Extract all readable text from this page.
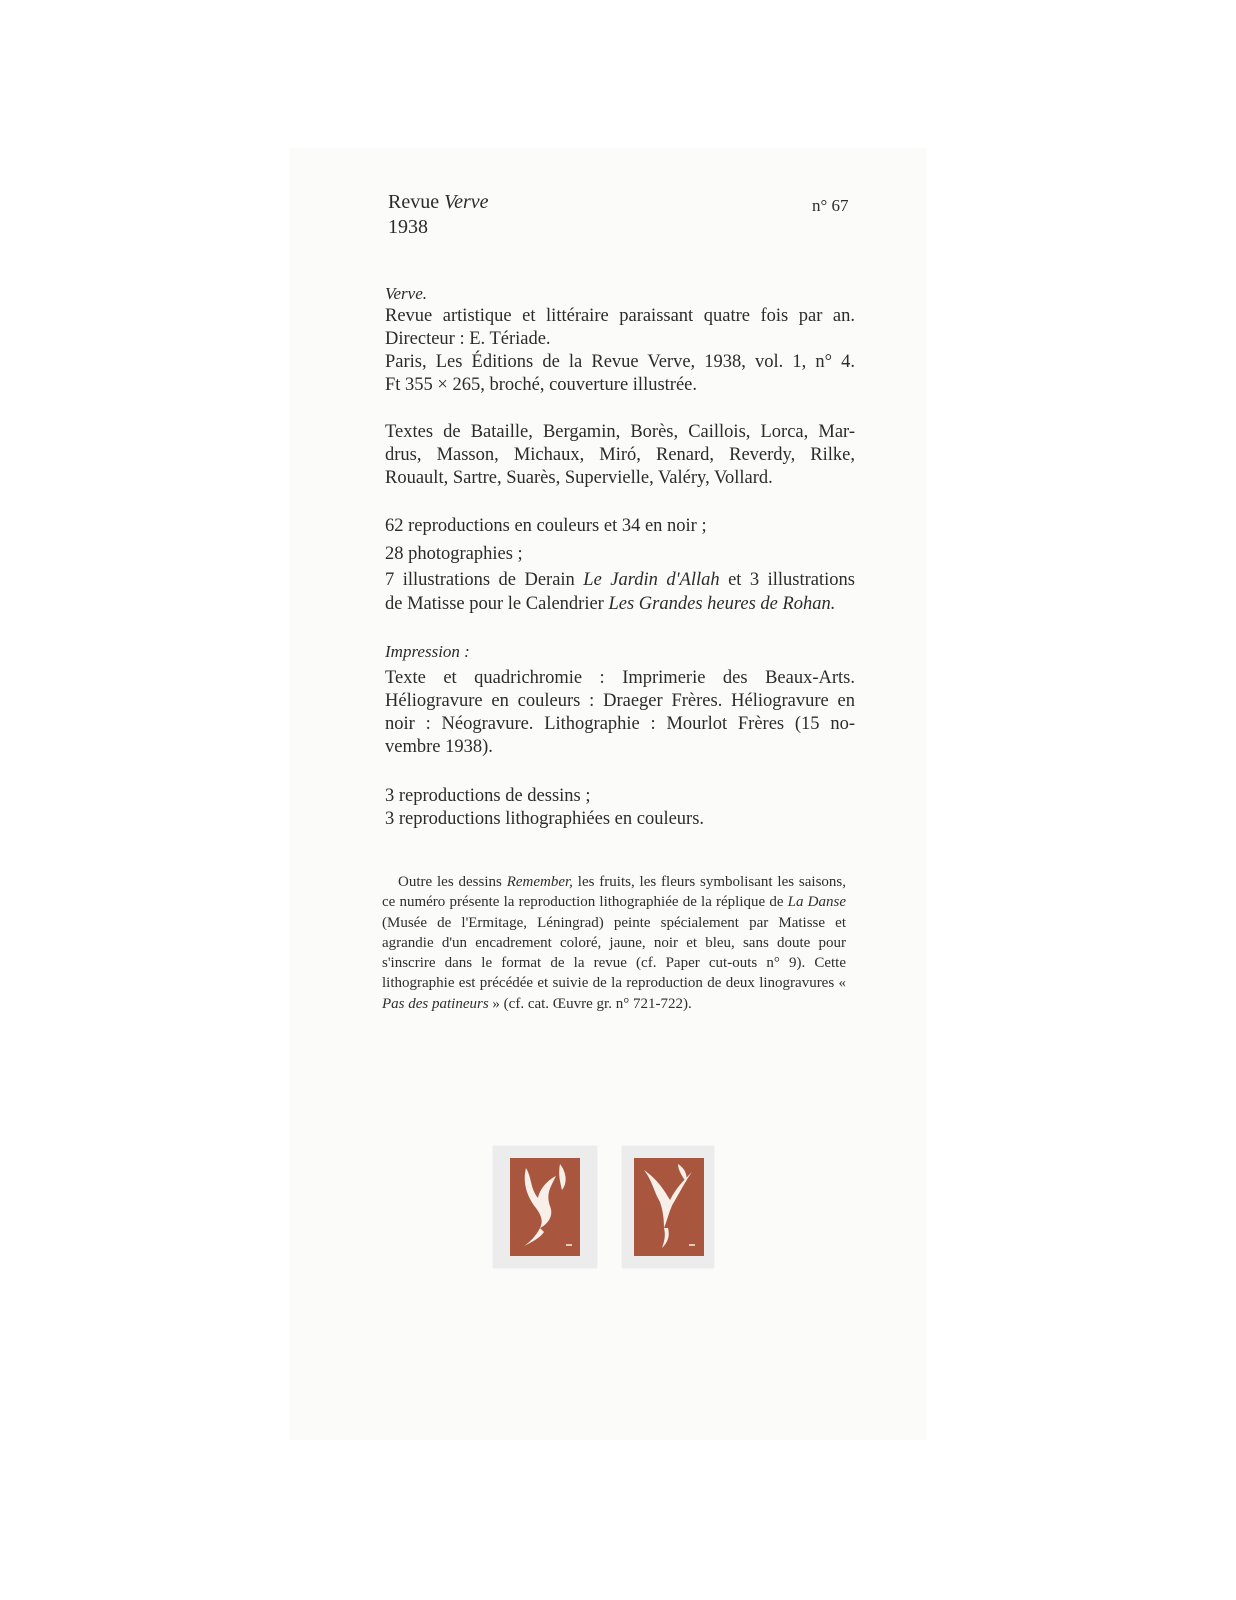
Revue Verve
1938
n° 67

Verve.

Revue artistique et littéraire paraissant quatre fois par an.

Directeur : E. Tériade.

Paris, Les Éditions de la Revue Verve, 1938, vol. 1, n° 4.

Ft 355 × 265, broché, couverture illustrée.

Textes de Bataille, Bergamin, Borès, Caillois, Lorca, Mar-

drus, Masson, Michaux, Miró, Renard, Reverdy, Rilke,

Rouault, Sartre, Suarès, Supervielle, Valéry, Vollard.

62 reproductions en couleurs et 34 en noir ;

28 photographies ;

7 illustrations de Derain Le Jardin d'Allah et 3 illustrations

de Matisse pour le Calendrier Les Grandes heures de Rohan.

Impression :

Texte et quadrichromie : Imprimerie des Beaux-Arts.

Héliogravure en couleurs : Draeger Frères. Héliogravure en

noir : Néogravure. Lithographie : Mourlot Frères (15 no-

vembre 1938).

3 reproductions de dessins ;

3 reproductions lithographiées en couleurs.

Outre les dessins Remember, les fruits, les fleurs symbolisant les saisons, ce numéro présente la reproduction lithographiée de la réplique de La Danse (Musée de l'Ermitage, Léningrad) peinte spécialement par Matisse et agrandie d'un encadrement coloré, jaune, noir et bleu, sans doute pour s'inscrire dans le format de la revue (cf. Paper cut-outs n° 9). Cette lithographie est précédée et suivie de la reproduction de deux linogravures « Pas des patineurs » (cf. cat. Œuvre gr. n° 721-722).
